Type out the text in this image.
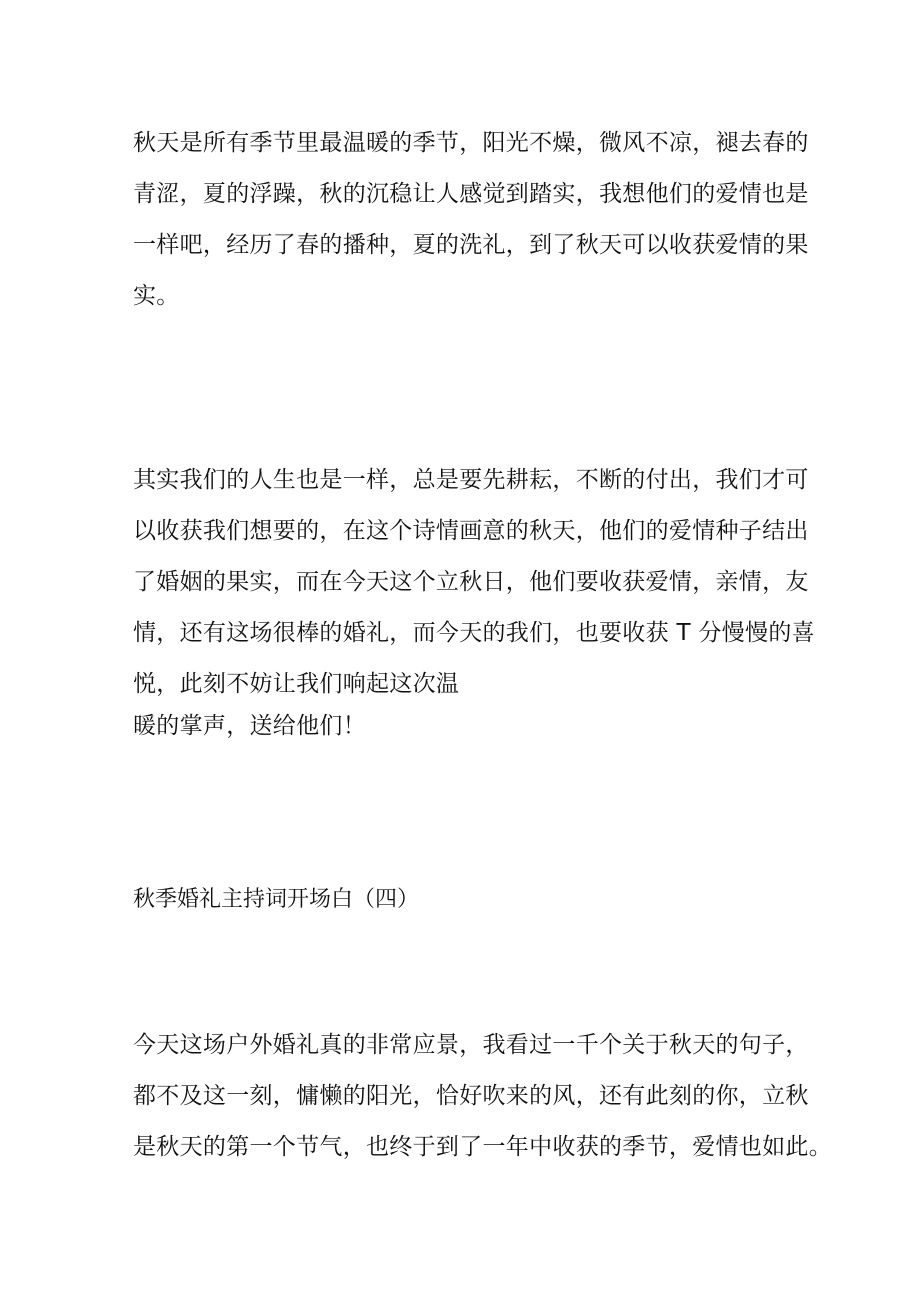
秋天是所有季节里最温暖的季节，阳光不燥，微风不凉，褪去春的
青涩，夏的浮躁，秋的沉稳让人感觉到踏实，我想他们的爱情也是
一样吧，经历了春的播种，夏的洗礼，到了秋天可以收获爱情的果
实。
其实我们的人生也是一样，总是要先耕耘，不断的付出，我们才可
以收获我们想要的，在这个诗情画意的秋天，他们的爱情种子结出
了婚姻的果实，而在今天这个立秋日，他们要收获爱情，亲情，友
情，还有这场很棒的婚礼，而今天的我们，也要收获 T 分慢慢的喜
悦，此刻不妨让我们响起这次温
暖的掌声，送给他们！
秋季婚礼主持词开场白（四）
今天这场户外婚礼真的非常应景，我看过一千个关于秋天的句子，
都不及这一刻，慵懒的阳光，恰好吹来的风，还有此刻的你，立秋
是秋天的第一个节气，也终于到了一年中收获的季节，爱情也如此。
